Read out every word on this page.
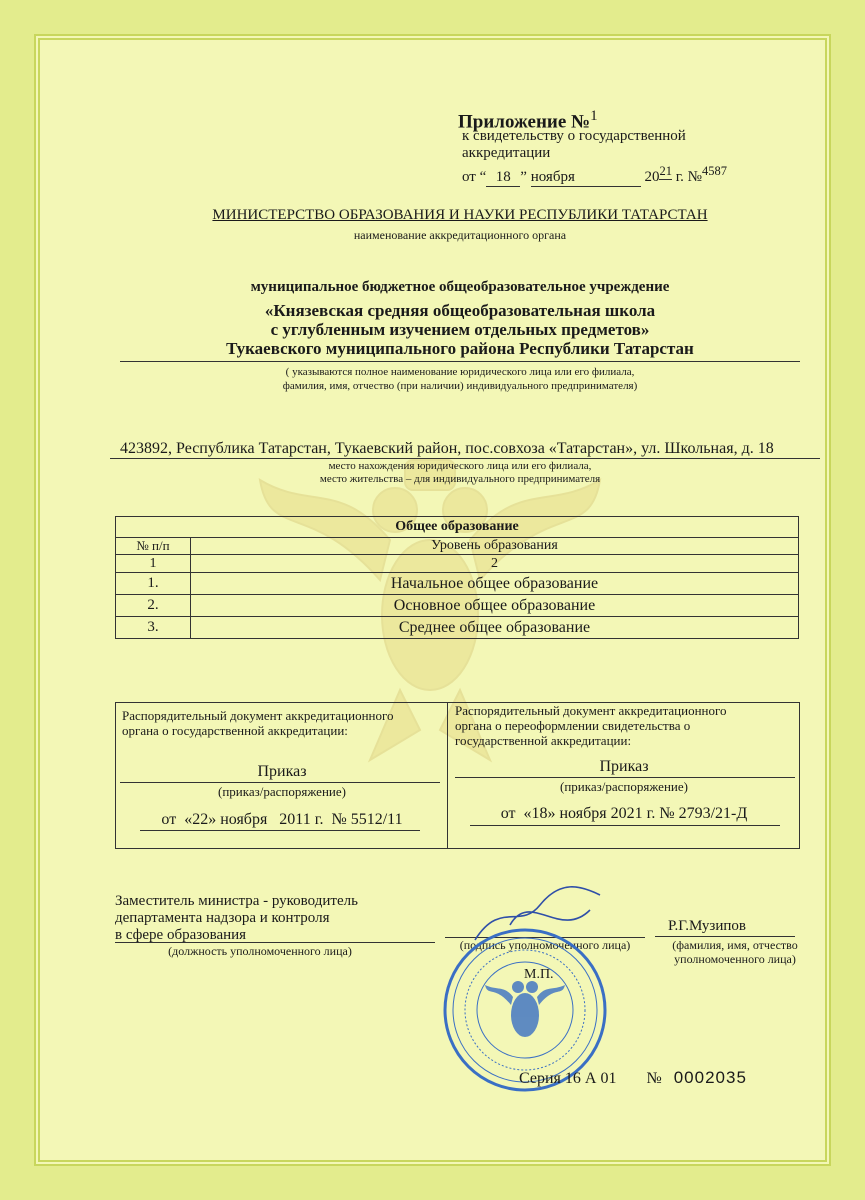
Приложение №$^1$
к свидетельству о государственной
аккредитации
от “ 18 ” ноября	$20^{21}$ г. №$^{4587}$
МИНИСТЕРСТВО ОБРАЗОВАНИЯ И НАУКИ РЕСПУБЛИКИ ТАТАРСТАН
наименование аккредитационного органа
муниципальное бюджетное общеобразовательное учреждение
«Князевская средняя общеобразовательная школа
с углубленным изучением отдельных предметов»
Тукаевского муниципального района Республики Татарстан
( указываются полное наименование юридического лица или его филиала,
фамилия, имя, отчество (при наличии) индивидуального предпринимателя)
423892, Республика Татарстан, Тукаевский район, пос.совхоза «Татарстан», ул. Школьная, д. 18
место нахождения юридического лица или его филиала,
место жительства – для индивидуального предпринимателя
Общее образование	
№ п/п	Уровень образования
1	2
1.	Начальное общее образование
2.	Основное общее образование
3.	Среднее общее образование
Распорядительный документ аккредитационного
органа о государственной аккредитации:
Приказ
(приказ/распоряжение)
от  «22» ноября   2011 г.  № 5512/11
Распорядительный документ аккредитационного
органа о переоформлении свидетельства о
государственной аккредитации:
Приказ
(приказ/распоряжение)
от  «18» ноября 2021 г. № 2793/21-Д
Заместитель министра - руководитель
департамента надзора и контроля
в сфере образования
(должность уполномоченного лица)	(подпись уполномоченного лица)
М.П.
Р.Г.Музипов
(фамилия, имя, отчество
уполномоченного лица)
Серия 16 А 01 № 0002035
